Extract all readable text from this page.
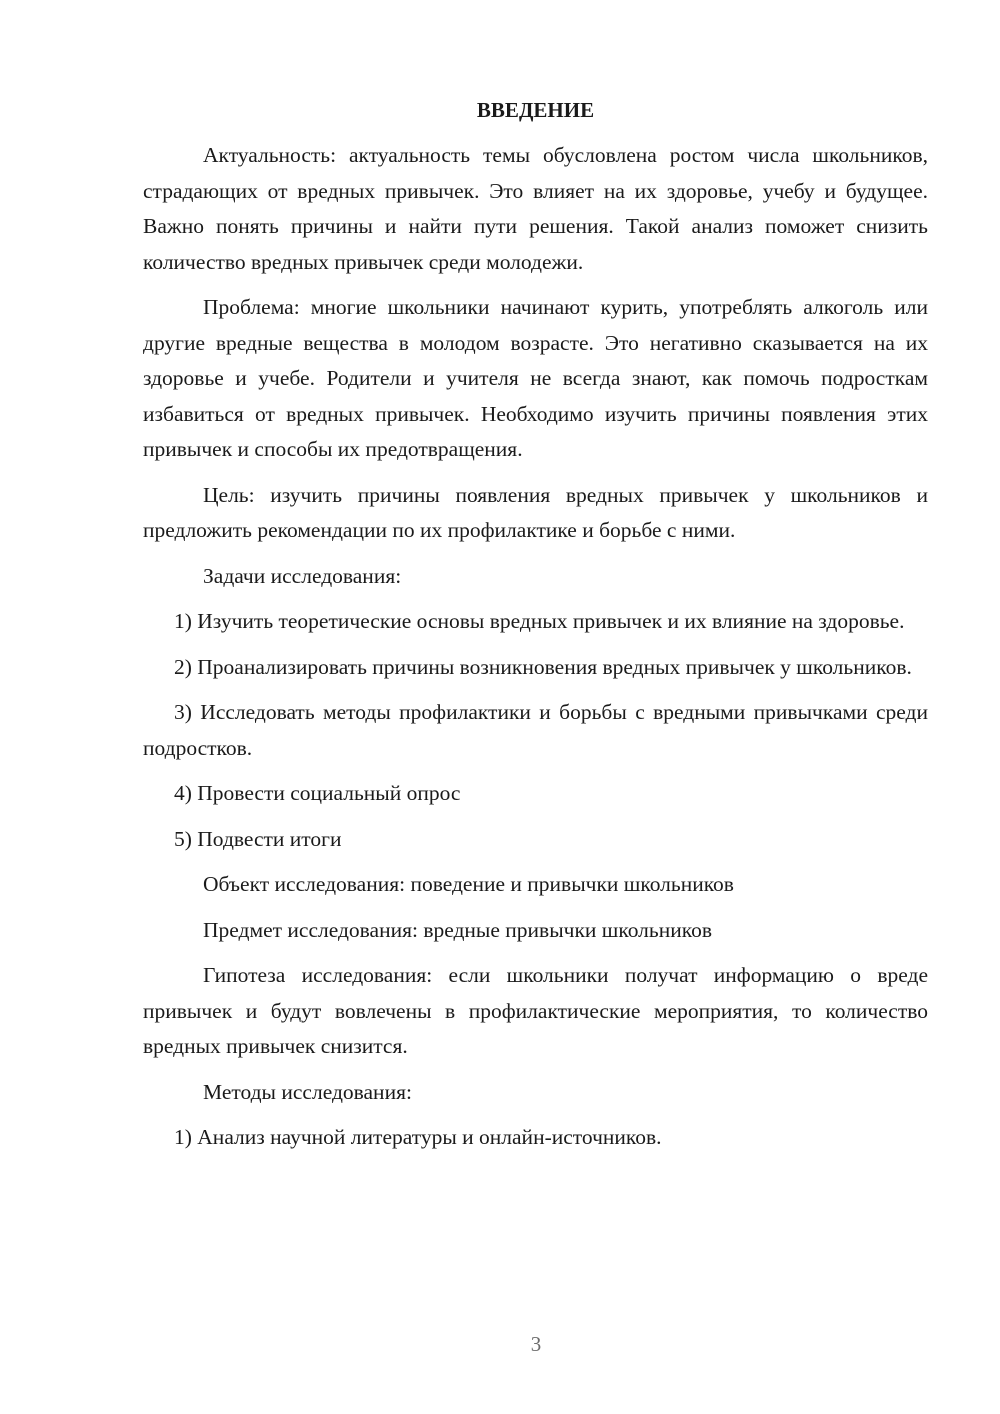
ВВЕДЕНИЕ
Актуальность: актуальность темы обусловлена ростом числа школьников, страдающих от вредных привычек. Это влияет на их здоровье, учебу и будущее. Важно понять причины и найти пути решения. Такой анализ поможет снизить количество вредных привычек среди молодежи.
Проблема: многие школьники начинают курить, употреблять алкоголь или другие вредные вещества в молодом возрасте. Это негативно сказывается на их здоровье и учебе. Родители и учителя не всегда знают, как помочь подросткам избавиться от вредных привычек. Необходимо изучить причины появления этих привычек и способы их предотвращения.
Цель: изучить причины появления вредных привычек у школьников и предложить рекомендации по их профилактике и борьбе с ними.
Задачи исследования:
1) Изучить теоретические основы вредных привычек и их влияние на здоровье.
2) Проанализировать причины возникновения вредных привычек у школьников.
3) Исследовать методы профилактики и борьбы с вредными привычками среди подростков.
4) Провести социальный опрос
5) Подвести итоги
Объект исследования: поведение и привычки школьников
Предмет исследования: вредные привычки школьников
Гипотеза исследования: если школьники получат информацию о вреде привычек и будут вовлечены в профилактические мероприятия, то количество вредных привычек снизится.
Методы исследования:
1) Анализ научной литературы и онлайн-источников.
3
